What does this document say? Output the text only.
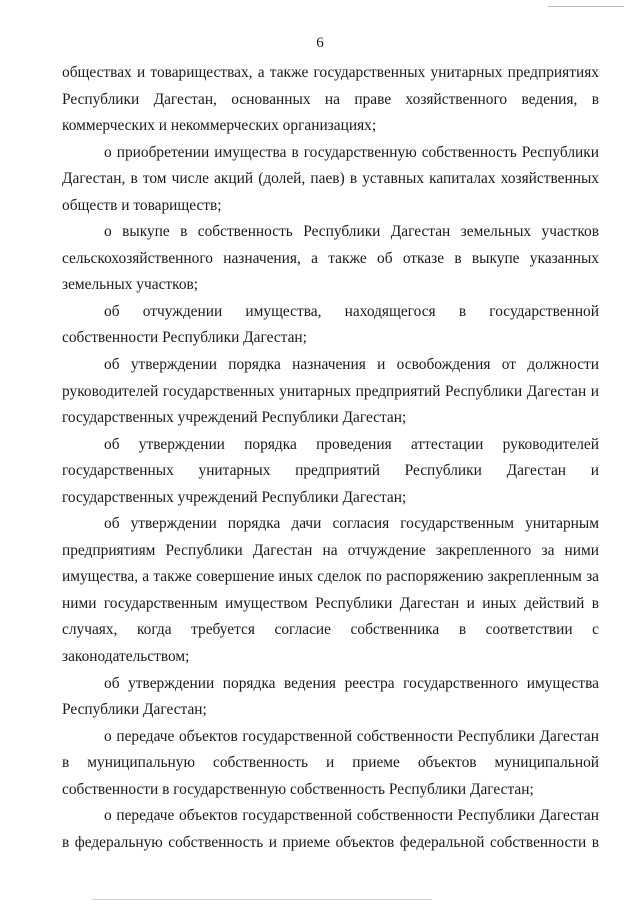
6

обществах и товариществах, а также государственных унитарных предприятиях Республики Дагестан, основанных на праве хозяйственного ведения, в коммерческих и некоммерческих организациях;

о приобретении имущества в государственную собственность Республики Дагестан, в том числе акций (долей, паев) в уставных капиталах хозяйственных обществ и товариществ;

о выкупе в собственность Республики Дагестан земельных участков сельскохозяйственного назначения, а также об отказе в выкупе указанных земельных участков;

об отчуждении имущества, находящегося в государственной собственности Республики Дагестан;

об утверждении порядка назначения и освобождения от должности руководителей государственных унитарных предприятий Республики Дагестан и государственных учреждений Республики Дагестан;

об утверждении порядка проведения аттестации руководителей государственных унитарных предприятий Республики Дагестан и государственных учреждений Республики Дагестан;

об утверждении порядка дачи согласия государственным унитарным предприятиям Республики Дагестан на отчуждение закрепленного за ними имущества, а также совершение иных сделок по распоряжению закрепленным за ними государственным имуществом Республики Дагестан и иных действий в случаях, когда требуется согласие собственника в соответствии с законодательством;

об утверждении порядка ведения реестра государственного имущества Республики Дагестан;

о передаче объектов государственной собственности Республики Дагестан в муниципальную собственность и приеме объектов муниципальной собственности в государственную собственность Республики Дагестан;

о передаче объектов государственной собственности Республики Дагестан в федеральную собственность и приеме объектов федеральной собственности в
